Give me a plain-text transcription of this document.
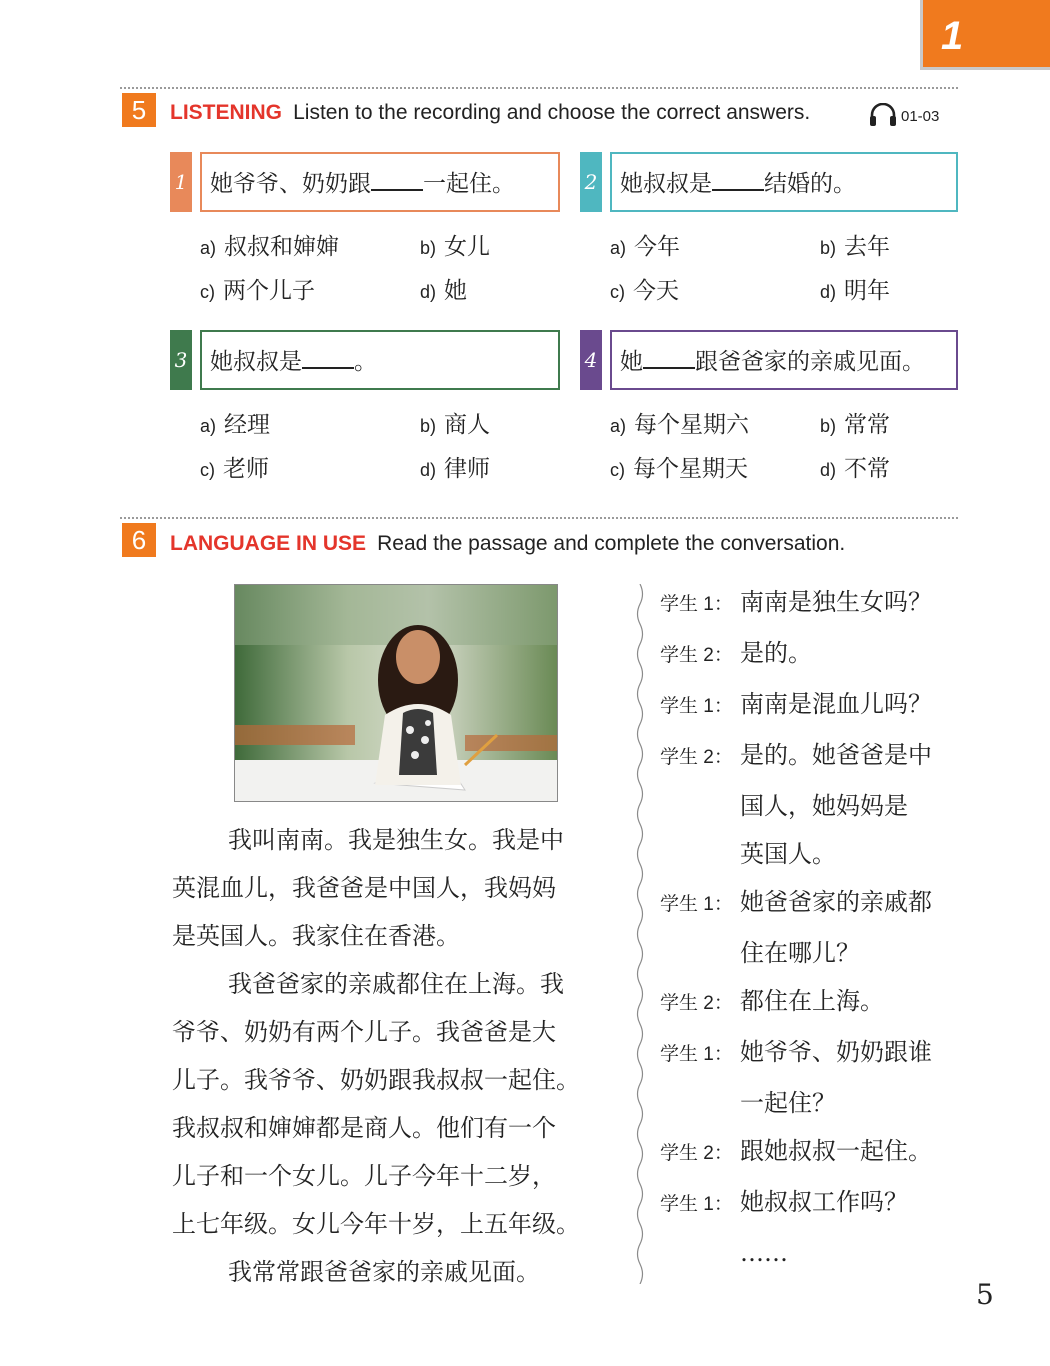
1
5	LISTENING Listen to the recording and choose the correct answers.	01-03
1 她爷爷、奶奶跟 一起住。
a) 叔叔和婶婶	b) 女儿
c) 两个儿子	d) 她
2 她叔叔是 结婚的。
a) 今年	b) 去年
c) 今天	d) 明年
3 她叔叔是 。
a) 经理	b) 商人
c) 老师	d) 律师
4 她 跟爸爸家的亲戚见面。
a) 每个星期六	b) 常常
c) 每个星期天	d) 不常
6	LANGUAGE IN USE Read the passage and complete the conversation.
我叫南南。我是独生女。我是中
英混血儿，我爸爸是中国人，我妈妈
是英国人。我家住在香港。
我爸爸家的亲戚都住在上海。我
爷爷、奶奶有两个儿子。我爸爸是大
儿子。我爷爷、奶奶跟我叔叔一起住。
我叔叔和婶婶都是商人。他们有一个
儿子和一个女儿。儿子今年十二岁，
上七年级。女儿今年十岁，上五年级。
我常常跟爸爸家的亲戚见面。
学生 1： 南南是独生女吗？
学生 2： 是的。
学生 1： 南南是混血儿吗？
学生 2： 是的。她爸爸是中
国人，她妈妈是
英国人。
学生 1： 她爸爸家的亲戚都
住在哪儿？
学生 2： 都住在上海。
学生 1： 她爷爷、奶奶跟谁
一起住？
学生 2： 跟她叔叔一起住。
学生 1： 她叔叔工作吗？
……
5
